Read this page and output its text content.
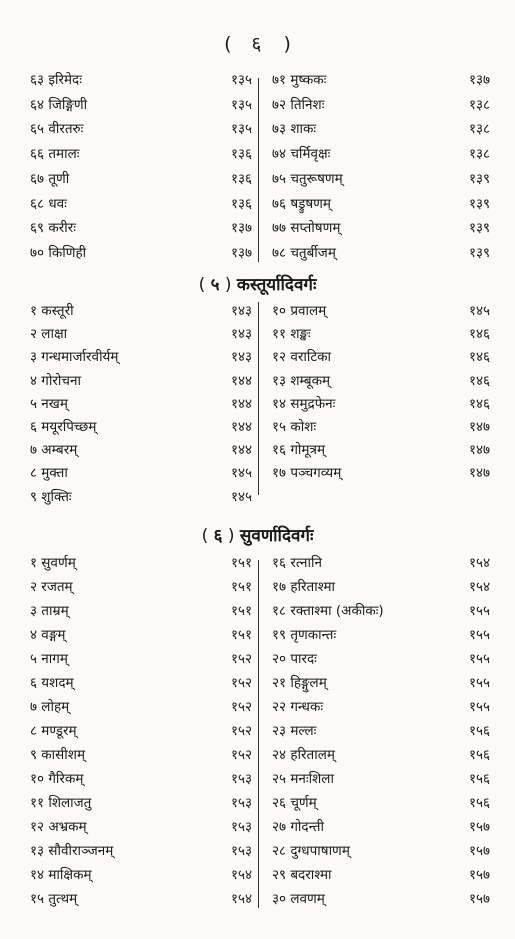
( ६ )
६३ इरिमेदः	१३५
६४ जिङ्गिणी	१३५
६५ वीरतरुः	१३५
६६ तमालः	१३६
६७ तूणी	१३६
६८ धवः	१३६
६९ करीरः	१३७
७० किणिही	१३७
७१ मुष्ककः	१३७
७२ तिनिशः	१३८
७३ शाकः	१३८
७४ चर्मिवृक्षः	१३८
७५ चतुरूषणम्	१३९
७६ षड्रुषणम्	१३९
७७ सप्तोषणम्	१३९
७८ चतुर्बीजम्	१३९
( ५ ) कस्तूर्यादिवर्गः
१ कस्तूरी	१४३
२ लाक्षा	१४३
३ गन्धमार्जारवीर्यम्	१४३
४ गोरोचना	१४४
५ नखम्	१४४
६ मयूरपिच्छम्	१४४
७ अम्बरम्	१४४
८ मुक्ता	१४५
९ शुक्तिः	१४५
१० प्रवालम्	१४५
११ शङ्खः	१४६
१२ वराटिका	१४६
१३ शम्बूकम्	१४६
१४ समुद्रफेनः	१४६
१५ कोशः	१४७
१६ गोमूत्रम्	१४७
१७ पञ्चगव्यम्	१४७
( ६ ) सुवर्णादिवर्गः
१ सुवर्णम्	१५१
२ रजतम्	१५१
३ ताम्रम्	१५१
४ वङ्गम्	१५१
५ नागम्	१५२
६ यशदम्	१५२
७ लोहम्	१५२
८ मण्डूरम्	१५२
९ कासीशम्	१५२
१० गैरिकम्	१५३
११ शिलाजतु	१५३
१२ अभ्रकम्	१५३
१३ सौवीराञ्जनम्	१५३
१४ माक्षिकम्	१५४
१५ तुत्थम्	१५४
१६ रत्नानि	१५४
१७ हरिताश्मा	१५४
१८ रक्ताश्मा (अकीकः)	१५५
१९ तृणकान्तः	१५५
२० पारदः	१५५
२१ हिङ्गुलम्	१५५
२२ गन्धकः	१५५
२३ मल्लः	१५६
२४ हरितालम्	१५६
२५ मनःशिला	१५६
२६ चूर्णम्	१५६
२७ गोदन्ती	१५७
२८ दुग्धपाषाणम्	१५७
२९ बदराश्मा	१५७
३० लवणम्	१५७
